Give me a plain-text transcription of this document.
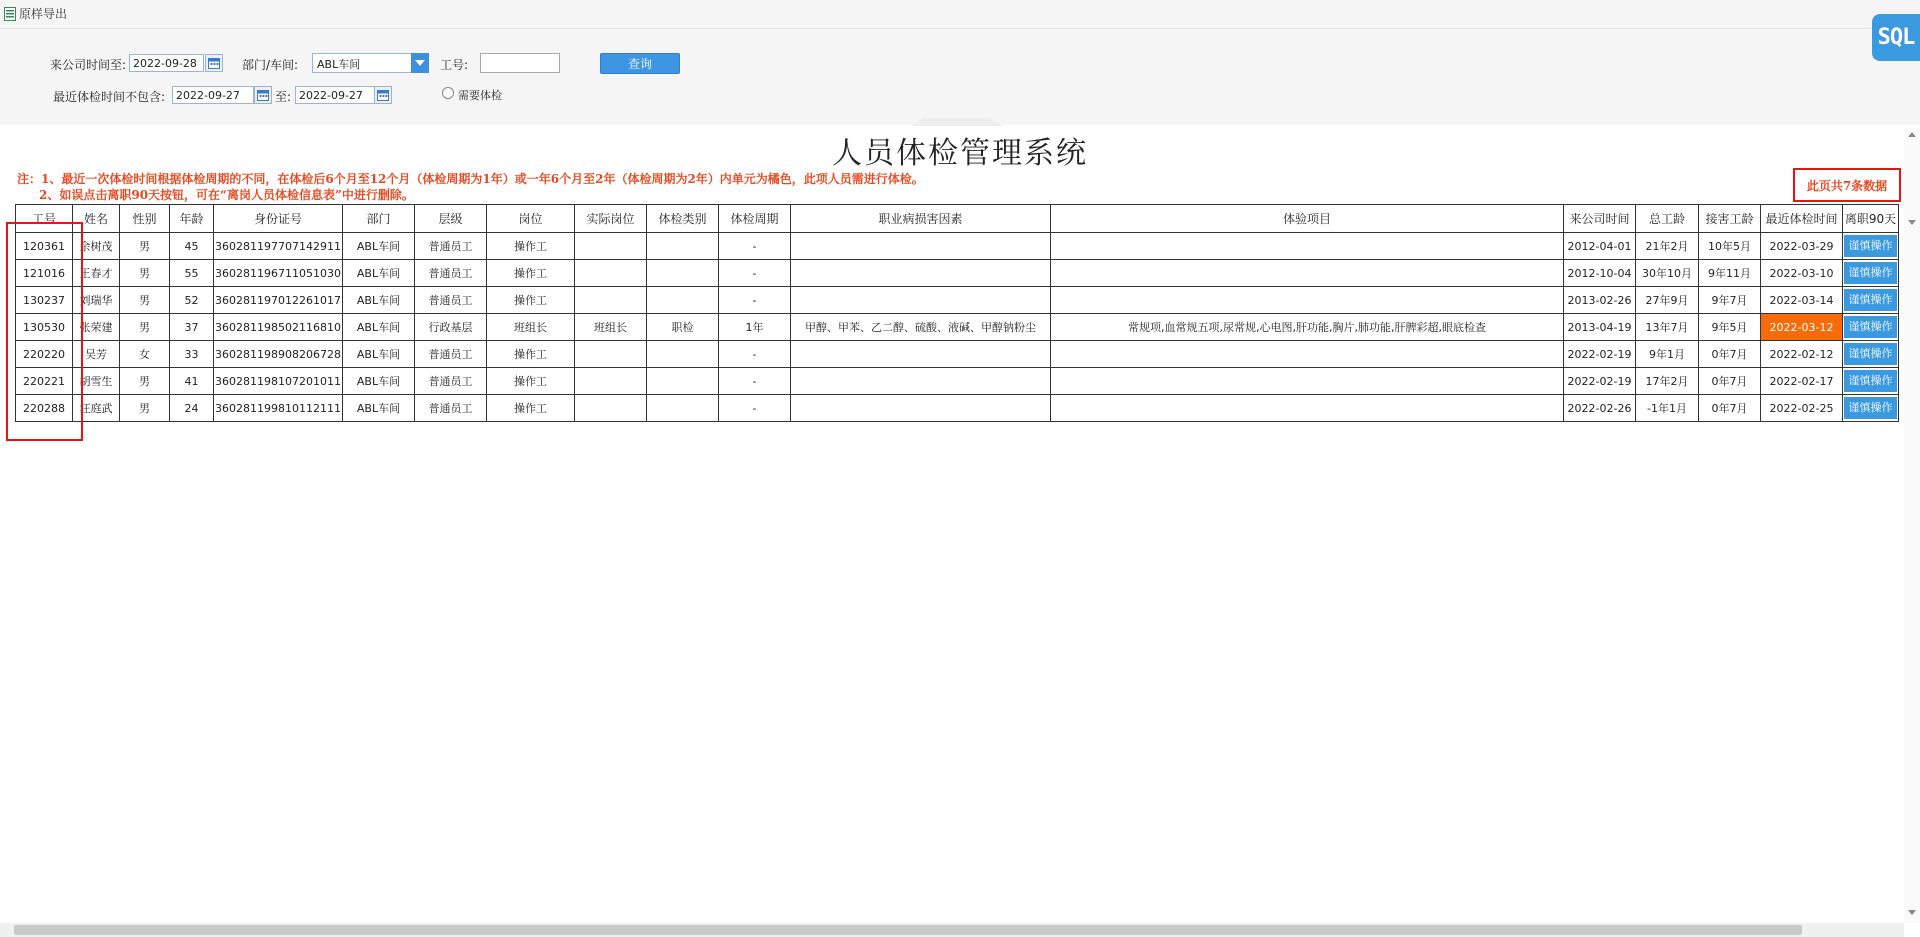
原样导出
来公司时间至:
2022-09-28	部门/车间:	ABL车间	工号:	查询
最近体检时间不包含:
2022-09-27	至:
2022-09-27	需要体检
SQL
人员体检管理系统
注：1、最近一次体检时间根据体检周期的不同，在体检后6个月至12个月（体检周期为1年）或一年6个月至2年（体检周期为2年）内单元为橘色，此项人员需进行体检。
2、如误点击离职90天按钮，可在“离岗人员体检信息表”中进行删除。
此页共7条数据
工号	姓名	性别	年龄	身份证号	部门	层级	岗位	实际岗位	体检类别	体检周期	职业病损害因素	体验项目	来公司时间	总工龄	接害工龄	最近体检时间	离职90天
120361	余树茂	男	45	360281197707142911	ABL车间	普通员工	操作工			-			2012-04-01	21年2月	10年5月	2022-03-29	谨慎操作

121016	王春才	男	55	360281196711051030	ABL车间	普通员工	操作工			-			2012-10-04	30年10月	9年11月	2022-03-10	谨慎操作

130237	刘瑞华	男	52	360281197012261017	ABL车间	普通员工	操作工			-			2013-02-26	27年9月	9年7月	2022-03-14	谨慎操作

130530	张荣建	男	37	360281198502116810	ABL车间	行政基层	班组长	班组长	职检	1年	甲醇、甲苯、乙二醇、硫酸、液碱、甲醇钠粉尘	常规项,血常规五项,尿常规,心电图,肝功能,胸片,肺功能,肝脾彩超,眼底检查	2013-04-19	13年7月	9年5月	2022-03-12	谨慎操作

220220	吴芳	女	33	360281198908206728	ABL车间	普通员工	操作工			-			2022-02-19	9年1月	0年7月	2022-02-12	谨慎操作

220221	胡雪生	男	41	360281198107201011	ABL车间	普通员工	操作工			-			2022-02-19	17年2月	0年7月	2022-02-17	谨慎操作

220288	汪庭武	男	24	360281199810112111	ABL车间	普通员工	操作工			-			2022-02-26	-1年1月	0年7月	2022-02-25	谨慎操作
